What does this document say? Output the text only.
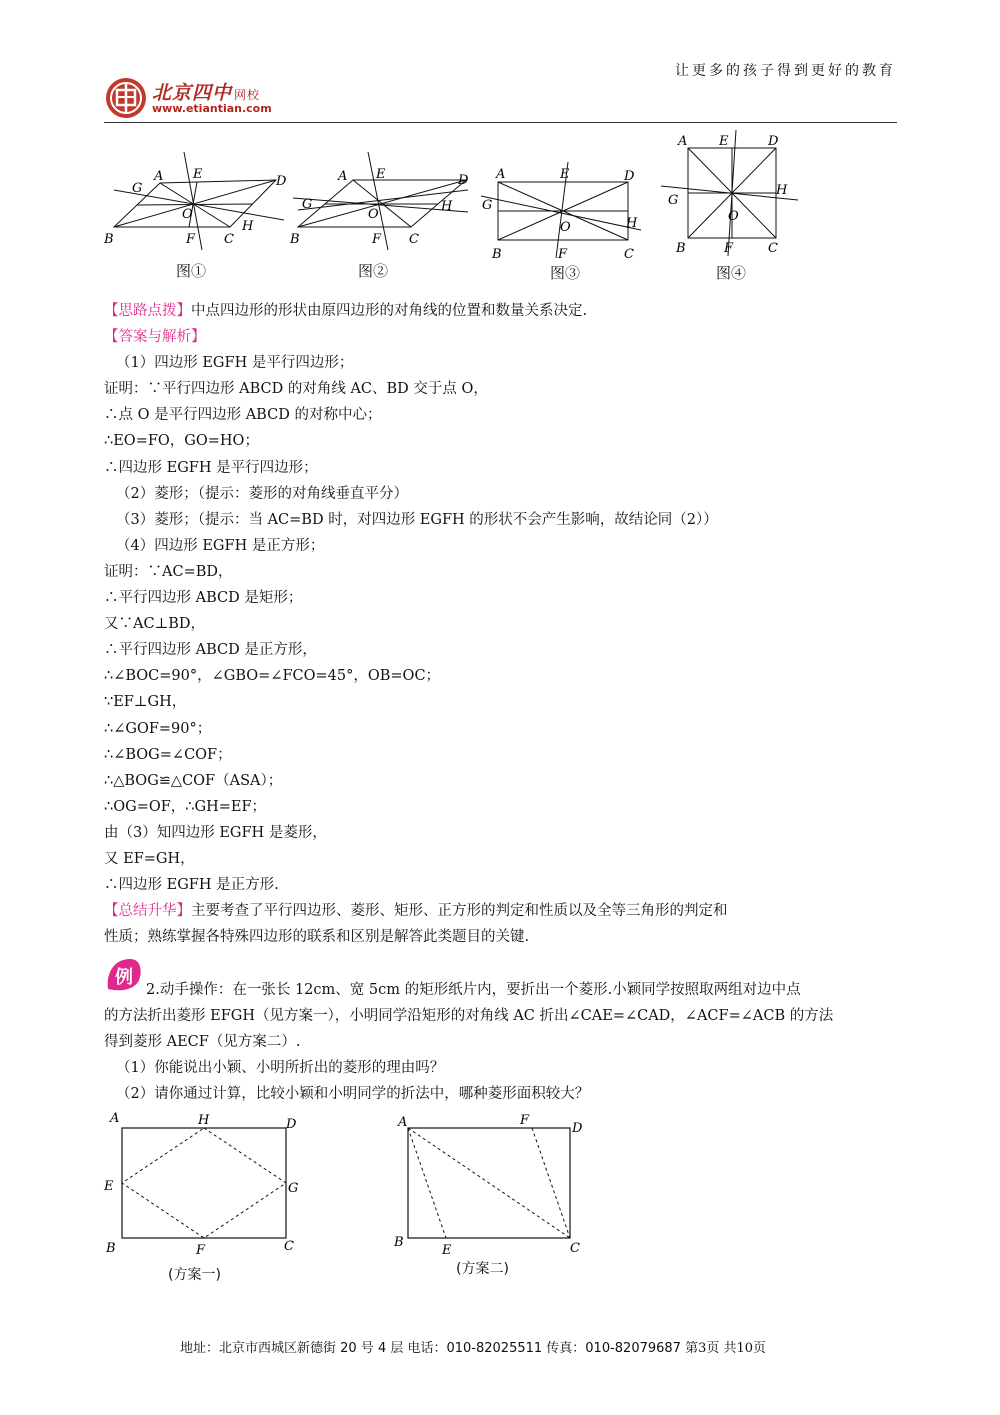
让更多的孩子得到更好的教育
北京四中 网校
www.etiantian.com
A E	D
G
O
H
B	F C
图①
A E	D
G
O
H
B	F C
图②
A	E	D
G
O	H
B	F	C
图③
A E	D
G
H
O
B	F	C
图④
【思路点拨】中点四边形的形状由原四边形的对角线的位置和数量关系决定.
【答案与解析】
（1）四边形 EGFH 是平行四边形；
证明：∵平行四边形 ABCD 的对角线 AC、BD 交于点 O，
∴点 O 是平行四边形 ABCD 的对称中心；
∴EO=FO，GO=HO；
∴四边形 EGFH 是平行四边形；
（2）菱形；（提示：菱形的对角线垂直平分）
（3）菱形；（提示：当 AC=BD 时，对四边形 EGFH 的形状不会产生影响，故结论同（2））
（4）四边形 EGFH 是正方形；
证明：∵AC=BD，
∴平行四边形 ABCD 是矩形；
又∵AC⊥BD，
∴平行四边形 ABCD 是正方形，
∴∠BOC=90°，∠GBO=∠FCO=45°，OB=OC；
∵EF⊥GH，
∴∠GOF=90°；
∴∠BOG=∠COF；
∴△BOG≌△COF（ASA）；
∴OG=OF，∴GH=EF；
由（3）知四边形 EGFH 是菱形，
又 EF=GH，
∴四边形 EGFH 是正方形.
【总结升华】主要考查了平行四边形、菱形、矩形、正方形的判定和性质以及全等三角形的判定和
性质；熟练掌握各特殊四边形的联系和区别是解答此类题目的关键.
例
2.动手操作：在一张长 12cm、宽 5cm 的矩形纸片内，要折出一个菱形.小颖同学按照取两组对边中点
的方法折出菱形 EFGH（见方案一），小明同学沿矩形的对角线 AC 折出∠CAE=∠CAD，∠ACF=∠ACB 的方法
得到菱形 AECF（见方案二）.
（1）你能说出小颖、小明所折出的菱形的理由吗？
（2）请你通过计算，比较小颖和小明同学的折法中，哪种菱形面积较大？
A	H	D
E	G
B	F	C
(方案一)
A	F
D
B
E	C
(方案二)
地址：北京市西城区新德街 20 号 4 层 电话：010-82025511 传真：010-82079687 第3页 共10页
